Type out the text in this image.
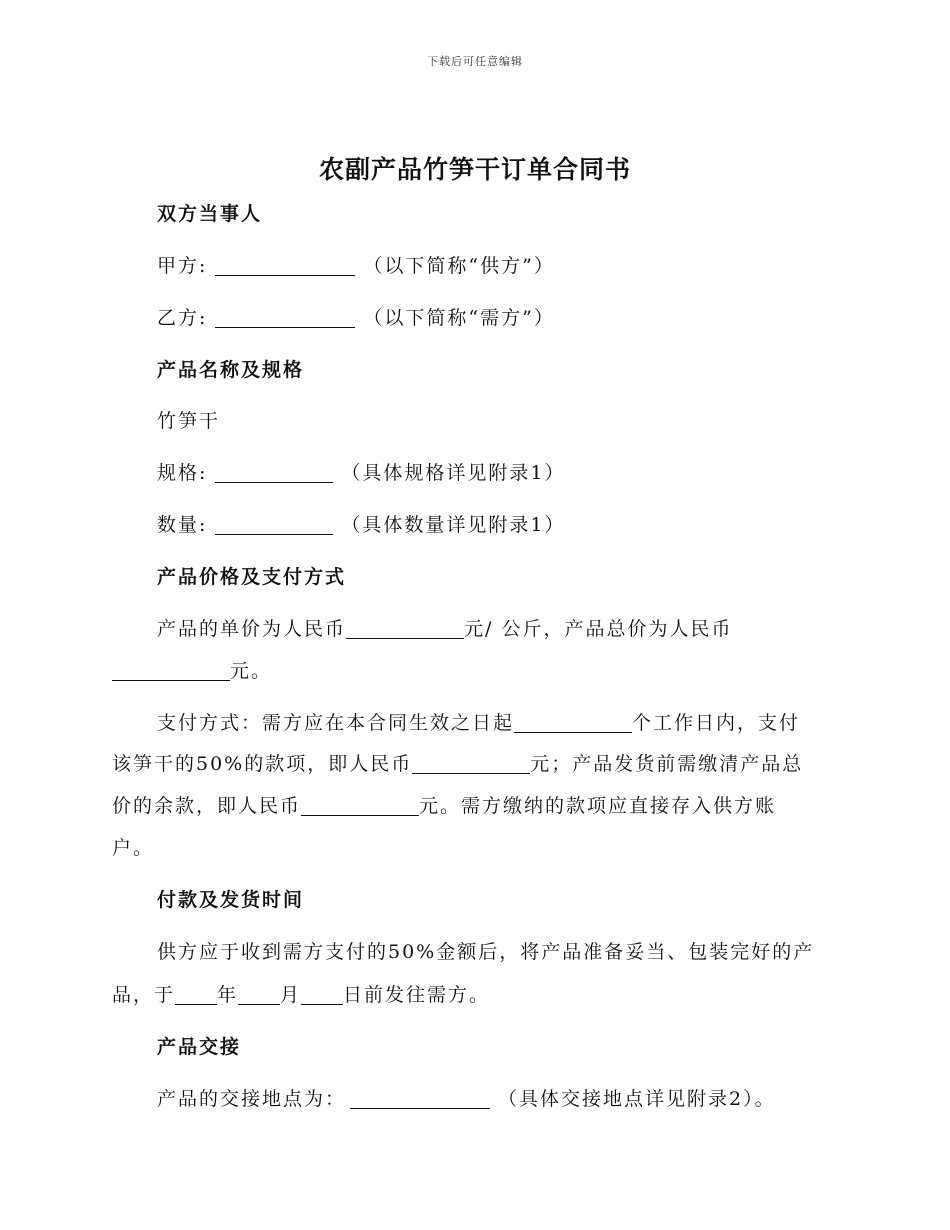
下载后可任意编辑
农副产品竹笋干订单合同书
双方当事人
甲方:	（以下简称“供方”）
乙方:	（以下简称“需方”）
产品名称及规格
竹笋干
规格:	（具体规格详见附录1）
数量:	（具体数量详见附录1）
产品价格及支付方式
产品的单价为人民币	元/ 公斤，产品总价为人民币
元。
支付方式：需方应在本合同生效之日起	个工作日内，支付
该笋干的50%的款项，即人民币	元；产品发货前需缴清产品总
价的余款，即人民币	元。需方缴纳的款项应直接存入供方账
户。
付款及发货时间
供方应于收到需方支付的50%金额后，将产品准备妥当、包装完好的产
品，于 年 月 日前发往需方。
产品交接
产品的交接地点为：	（具体交接地点详见附录2）。
